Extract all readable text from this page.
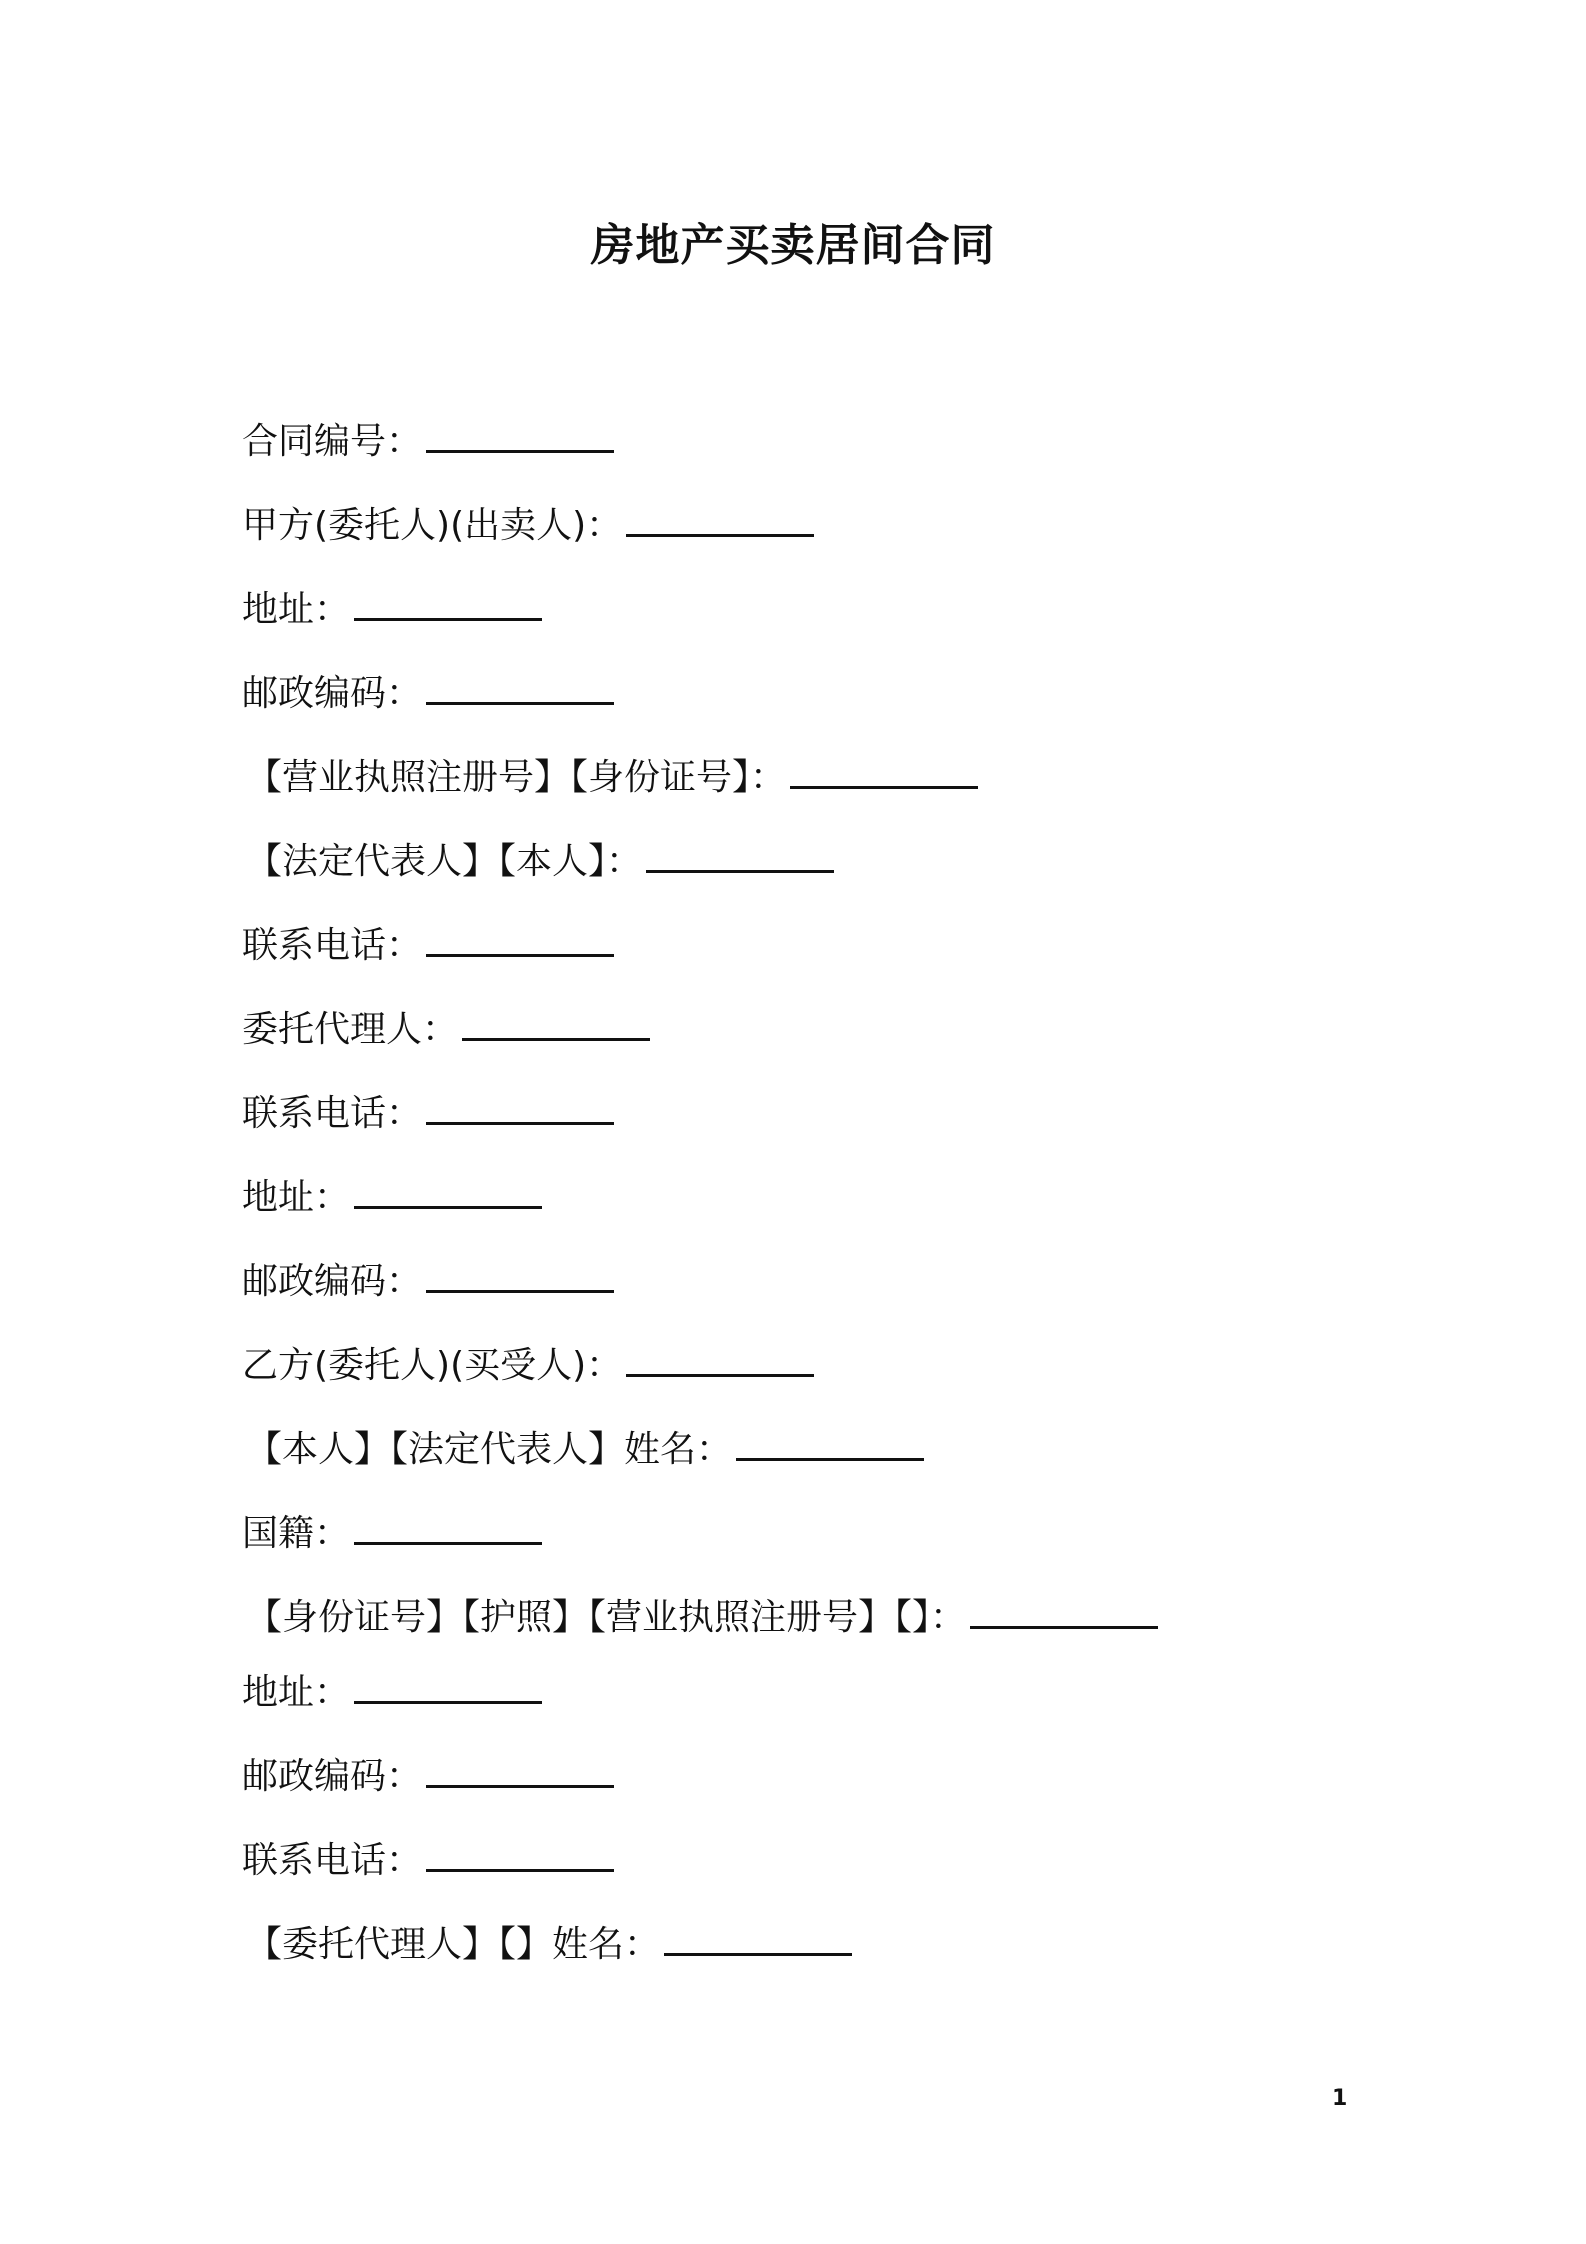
房地产买卖居间合同
合同编号：
甲方(委托人)(出卖人)：
地址：
邮政编码：
【营业执照注册号】【身份证号】：
【法定代表人】【本人】：
联系电话：
委托代理人：
联系电话：
地址：
邮政编码：
乙方(委托人)(买受人)：
【本人】【法定代表人】姓名：
国籍：
【身份证号】【护照】【营业执照注册号】【】：
地址：
邮政编码：
联系电话：
【委托代理人】【】姓名：
1
